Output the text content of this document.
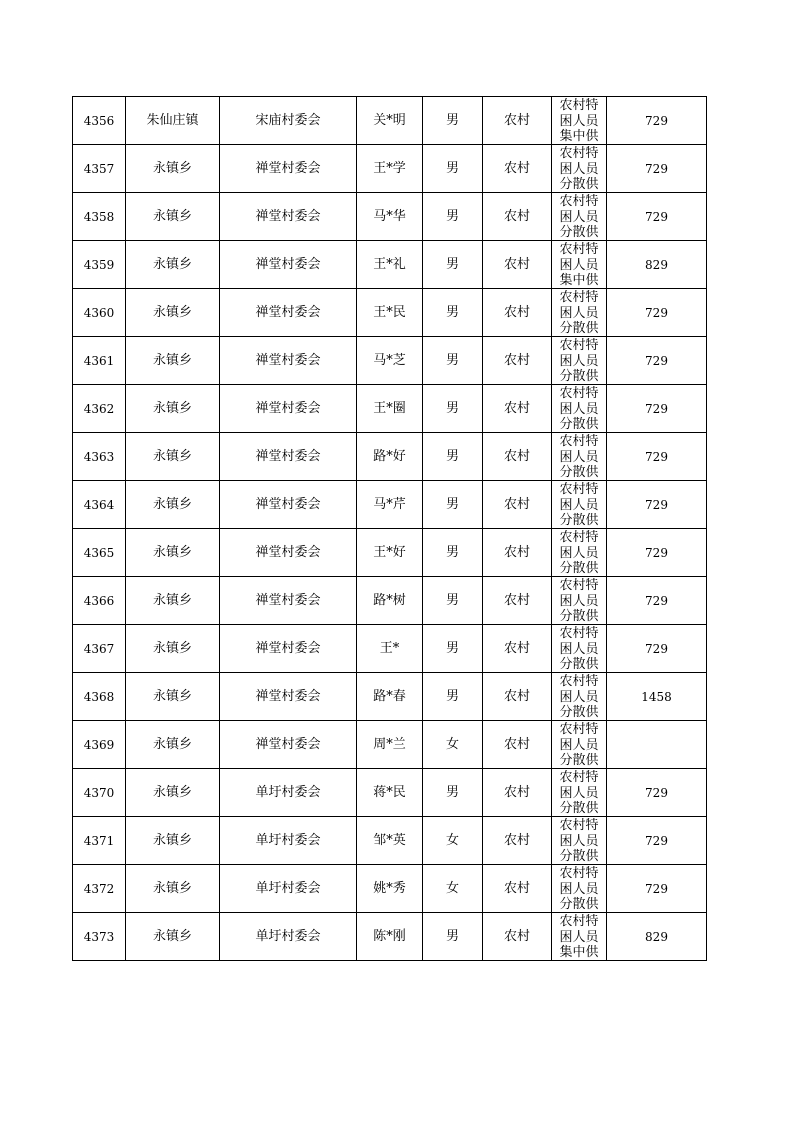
4356	朱仙庄镇	宋庙村委会	关*明	男	农村	农村特困人员集中供	729
4357	永镇乡	禅堂村委会	王*学	男	农村	农村特困人员分散供	729
4358	永镇乡	禅堂村委会	马*华	男	农村	农村特困人员分散供	729
4359	永镇乡	禅堂村委会	王*礼	男	农村	农村特困人员集中供	829
4360	永镇乡	禅堂村委会	王*民	男	农村	农村特困人员分散供	729
4361	永镇乡	禅堂村委会	马*芝	男	农村	农村特困人员分散供	729
4362	永镇乡	禅堂村委会	王*圈	男	农村	农村特困人员分散供	729
4363	永镇乡	禅堂村委会	路*好	男	农村	农村特困人员分散供	729
4364	永镇乡	禅堂村委会	马*芹	男	农村	农村特困人员分散供	729
4365	永镇乡	禅堂村委会	王*好	男	农村	农村特困人员分散供	729
4366	永镇乡	禅堂村委会	路*树	男	农村	农村特困人员分散供	729
4367	永镇乡	禅堂村委会	王*	男	农村	农村特困人员分散供	729
4368	永镇乡	禅堂村委会	路*春	男	农村	农村特困人员分散供	1458
4369	永镇乡	禅堂村委会	周*兰	女	农村	农村特困人员分散供	

4370	永镇乡	单圩村委会	蒋*民	男	农村	农村特困人员分散供	729
4371	永镇乡	单圩村委会	邹*英	女	农村	农村特困人员分散供	729
4372	永镇乡	单圩村委会	姚*秀	女	农村	农村特困人员分散供	729
4373	永镇乡	单圩村委会	陈*刚	男	农村	农村特困人员集中供	829
